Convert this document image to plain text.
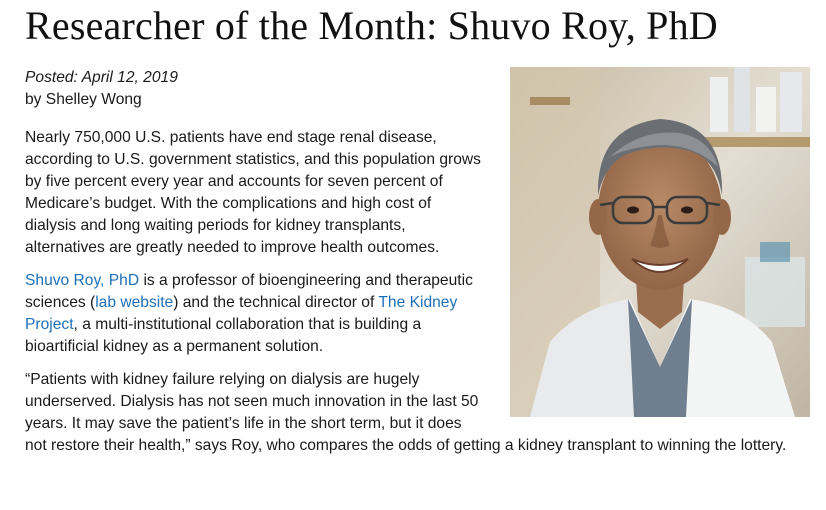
Researcher of the Month: Shuvo Roy, PhD

Posted: April 12, 2019

by Shelley Wong

Nearly 750,000 U.S. patients have end stage renal disease, according to U.S. government statistics, and this population grows by five percent every year and accounts for seven percent of Medicare’s budget. With the complications and high cost of dialysis and long waiting periods for kidney transplants, alternatives are greatly needed to improve health outcomes.

Shuvo Roy, PhD is a professor of bioengineering and therapeutic sciences (lab website) and the technical director of The Kidney Project, a multi-institutional collaboration that is building a bioartificial kidney as a permanent solution.

“Patients with kidney failure relying on dialysis are hugely underserved. Dialysis has not seen much innovation in the last 50 years. It may save the patient’s life in the short term, but it does not restore their health,” says Roy, who compares the odds of getting a kidney transplant to winning the lottery.
